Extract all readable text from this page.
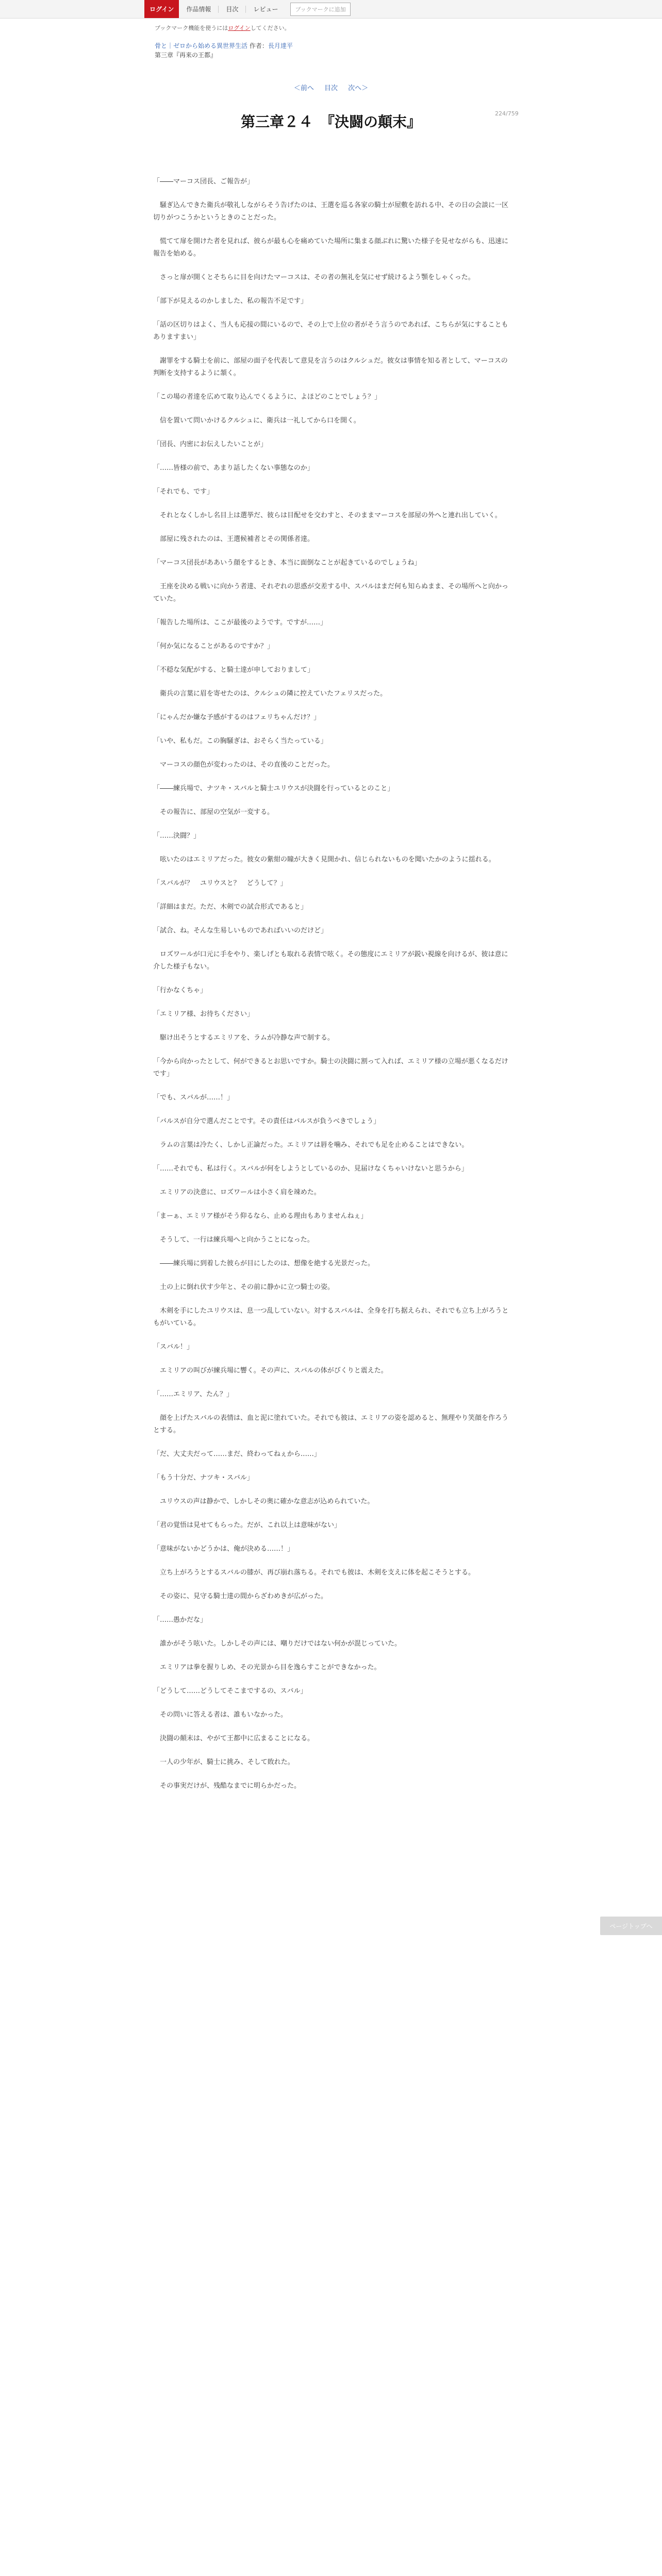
ログイン	作品情報	目次	レビュー	ブックマークに追加
ブックマーク機能を使うにはログインしてください。
骨と｜ゼロから始める異世界生活 作者：長月達平
第三章『再来の王都』
＜前へ 目次 次へ＞
224/759
第三章２４　『決闘の顛末』

「――マーコス団長、ご報告が」

騒ぎ込んできた衛兵が敬礼しながらそう告げたのは、王選を巡る各家の騎士が屋敷を訪れる中、その日の会談に一区切りがつこうかというときのことだった。

慌てて扉を開けた者を見れば、彼らが最も心を痛めていた場所に集まる顔ぶれに驚いた様子を見せながらも、迅速に報告を始める。

さっと扉が開くとそちらに目を向けたマーコスは、その者の無礼を気にせず続けるよう顎をしゃくった。

「部下が見えるのかしました、私の報告不足です」

「話の区切りはよく、当人も応接の間にいるので、その上で上位の者がそう言うのであれば、こちらが気にすることもありますまい」

謝罪をする騎士を前に、部屋の面子を代表して意見を言うのはクルシュだ。彼女は事情を知る者として、マーコスの判断を支持するように頷く。

「この場の者達を広めて取り込んでくるように、よほどのことでしょう？」

信を置いて問いかけるクルシュに、衛兵は一礼してから口を開く。

「団長、内密にお伝えしたいことが」

「……皆様の前で、あまり話したくない事態なのか」

「それでも、です」

それとなくしかし名目上は選挙だ、彼らは目配せを交わすと、そのままマーコスを部屋の外へと連れ出していく。

部屋に残されたのは、王選候補者とその関係者達。

「マーコス団長がああいう顔をするとき、本当に面倒なことが起きているのでしょうね」

王座を決める戦いに向かう者達、それぞれの思惑が交差する中、スバルはまだ何も知らぬまま、その場所へと向かっていた。

「報告した場所は、ここが最後のようです。ですが……」

「何か気になることがあるのですか？」

「不穏な気配がする、と騎士達が申しておりまして」

衛兵の言葉に眉を寄せたのは、クルシュの隣に控えていたフェリスだった。

「にゃんだか嫌な予感がするのはフェリちゃんだけ？」

「いや、私もだ。この胸騒ぎは、おそらく当たっている」

マーコスの顔色が変わったのは、その直後のことだった。

「――練兵場で、ナツキ・スバルと騎士ユリウスが決闘を行っているとのこと」

その報告に、部屋の空気が一変する。

「……決闘？」

呟いたのはエミリアだった。彼女の紫紺の瞳が大きく見開かれ、信じられないものを聞いたかのように揺れる。

「スバルが？　ユリウスと？　どうして？」

「詳細はまだ。ただ、木剣での試合形式であると」

「試合、ね。そんな生易しいものであればいいのだけど」

ロズワールが口元に手をやり、楽しげとも取れる表情で呟く。その態度にエミリアが鋭い視線を向けるが、彼は意に介した様子もない。

「行かなくちゃ」

「エミリア様、お待ちください」

駆け出そうとするエミリアを、ラムが冷静な声で制する。

「今から向かったとして、何ができるとお思いですか。騎士の決闘に割って入れば、エミリア様の立場が悪くなるだけです」

「でも、スバルが……！」

「バルスが自分で選んだことです。その責任はバルスが負うべきでしょう」

ラムの言葉は冷たく、しかし正論だった。エミリアは唇を噛み、それでも足を止めることはできない。

「……それでも、私は行く。スバルが何をしようとしているのか、見届けなくちゃいけないと思うから」

エミリアの決意に、ロズワールは小さく肩を竦めた。

「まーぁ、エミリア様がそう仰るなら、止める理由もありませんねぇ」

そうして、一行は練兵場へと向かうことになった。

――練兵場に到着した彼らが目にしたのは、想像を絶する光景だった。

土の上に倒れ伏す少年と、その前に静かに立つ騎士の姿。

木剣を手にしたユリウスは、息一つ乱していない。対するスバルは、全身を打ち据えられ、それでも立ち上がろうともがいている。

「スバル！」

エミリアの叫びが練兵場に響く。その声に、スバルの体がびくりと震えた。

「……エミリア、たん？」

顔を上げたスバルの表情は、血と泥に塗れていた。それでも彼は、エミリアの姿を認めると、無理やり笑顔を作ろうとする。

「だ、大丈夫だって……まだ、終わってねぇから……」

「もう十分だ、ナツキ・スバル」

ユリウスの声は静かで、しかしその奥に確かな意志が込められていた。

「君の覚悟は見せてもらった。だが、これ以上は意味がない」

「意味がないかどうかは、俺が決める……！」

立ち上がろうとするスバルの膝が、再び崩れ落ちる。それでも彼は、木剣を支えに体を起こそうとする。

その姿に、見守る騎士達の間からざわめきが広がった。

「……愚かだな」

誰かがそう呟いた。しかしその声には、嘲りだけではない何かが混じっていた。

エミリアは拳を握りしめ、その光景から目を逸らすことができなかった。

「どうして……どうしてそこまでするの、スバル」

その問いに答える者は、誰もいなかった。

決闘の顛末は、やがて王都中に広まることになる。

一人の少年が、騎士に挑み、そして敗れた。

その事実だけが、残酷なまでに明らかだった。

ページトップへ
